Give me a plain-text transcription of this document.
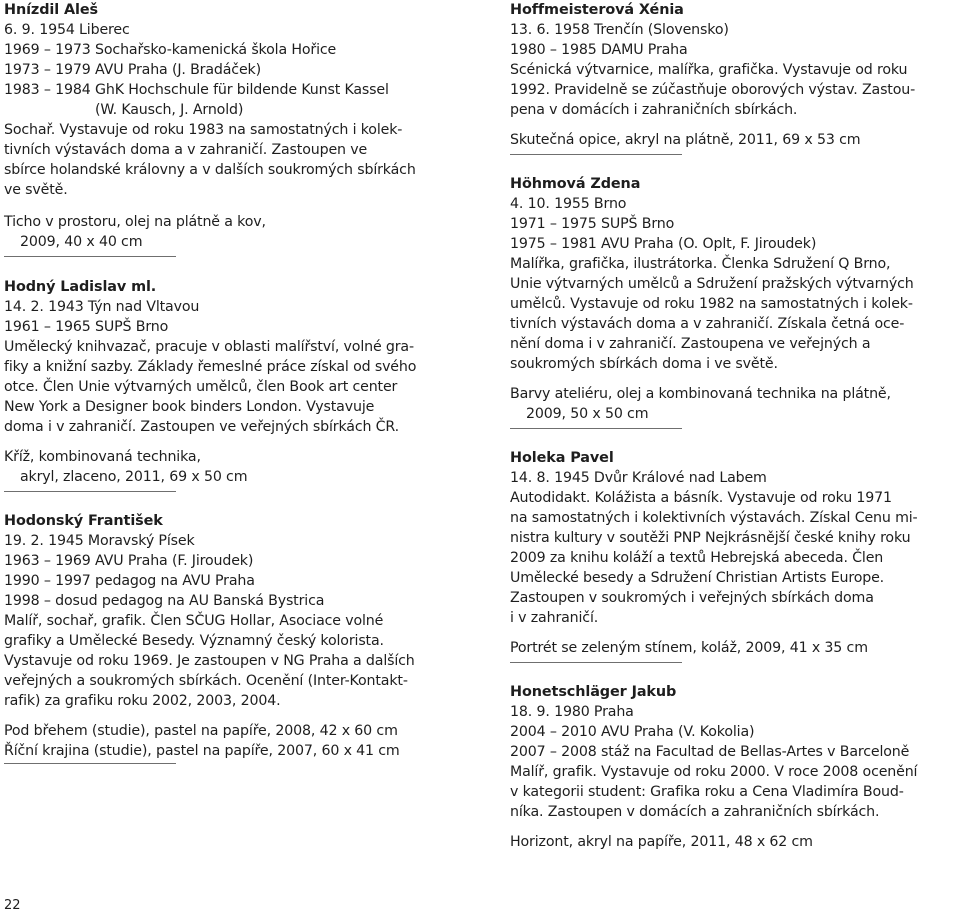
Hnízdil Aleš

6. 9. 1954 Liberec

1969 – 1973 Sochařsko-kamenická škola Hořice

1973 – 1979 AVU Praha (J. Bradáček)

1983 – 1984 GhK Hochschule für bildende Kunst Kassel

(W. Kausch, J. Arnold)

Sochař. Vystavuje od roku 1983 na samostatných i kolek-

tivních výstavách doma a v zahraničí. Zastoupen ve

sbírce holandské královny a v dalších soukromých sbírkách

ve světě.

Ticho v prostoru, olej na plátně a kov,

2009, 40 x 40 cm

Hodný Ladislav ml.

14. 2. 1943 Týn nad Vltavou

1961 – 1965 SUPŠ Brno

Umělecký knihvazač, pracuje v oblasti malířství, volné gra-

fiky a knižní sazby. Základy řemeslné práce získal od svého

otce. Člen Unie výtvarných umělců, člen Book art center

New York a Designer book binders London. Vystavuje

doma i v zahraničí. Zastoupen ve veřejných sbírkách ČR.

Kříž, kombinovaná technika,

akryl, zlaceno, 2011, 69 x 50 cm

Hodonský František

19. 2. 1945 Moravský Písek

1963 – 1969 AVU Praha (F. Jiroudek)

1990 – 1997 pedagog na AVU Praha

1998 – dosud pedagog na AU Banská Bystrica

Malíř, sochař, grafik. Člen SČUG Hollar, Asociace volné

grafiky a Umělecké Besedy. Významný český kolorista.

Vystavuje od roku 1969. Je zastoupen v NG Praha a dalších

veřejných a soukromých sbírkách. Ocenění (Inter-Kontakt-

rafik) za grafiku roku 2002, 2003, 2004.

Pod břehem (studie), pastel na papíře, 2008, 42 x 60 cm

Říční krajina (studie), pastel na papíře, 2007, 60 x 41 cm

Hoffmeisterová Xénia

13. 6. 1958 Trenčín (Slovensko)

1980 – 1985 DAMU Praha

Scénická výtvarnice, malířka, grafička. Vystavuje od roku

1992. Pravidelně se zúčastňuje oborových výstav. Zastou-

pena v domácích i zahraničních sbírkách.

Skutečná opice, akryl na plátně, 2011, 69 x 53 cm

Höhmová Zdena

4. 10. 1955 Brno

1971 – 1975 SUPŠ Brno

1975 – 1981 AVU Praha (O. Oplt, F. Jiroudek)

Malířka, grafička, ilustrátorka. Členka Sdružení Q Brno,

Unie výtvarných umělců a Sdružení pražských výtvarných

umělců. Vystavuje od roku 1982 na samostatných i kolek-

tivních výstavách doma a v zahraničí. Získala četná oce-

nění doma i v zahraničí. Zastoupena ve veřejných a

soukromých sbírkách doma i ve světě.

Barvy ateliéru, olej a kombinovaná technika na plátně,

2009, 50 x 50 cm

Holeka Pavel

14. 8. 1945 Dvůr Králové nad Labem

Autodidakt. Kolážista a básník. Vystavuje od roku 1971

na samostatných i kolektivních výstavách. Získal Cenu mi-

nistra kultury v soutěži PNP Nejkrásnější české knihy roku

2009 za knihu koláží a textů Hebrejská abeceda. Člen

Umělecké besedy a Sdružení Christian Artists Europe.

Zastoupen v soukromých i veřejných sbírkách doma

i v zahraničí.

Portrét se zeleným stínem, koláž, 2009, 41 x 35 cm

Honetschläger Jakub

18. 9. 1980 Praha

2004 – 2010 AVU Praha (V. Kokolia)

2007 – 2008 stáž na Facultad de Bellas-Artes v Barceloně

Malíř, grafik. Vystavuje od roku 2000. V roce 2008 ocenění

v kategorii student: Grafika roku a Cena Vladimíra Boud-

níka. Zastoupen v domácích a zahraničních sbírkách.

Horizont, akryl na papíře, 2011, 48 x 62 cm

22
